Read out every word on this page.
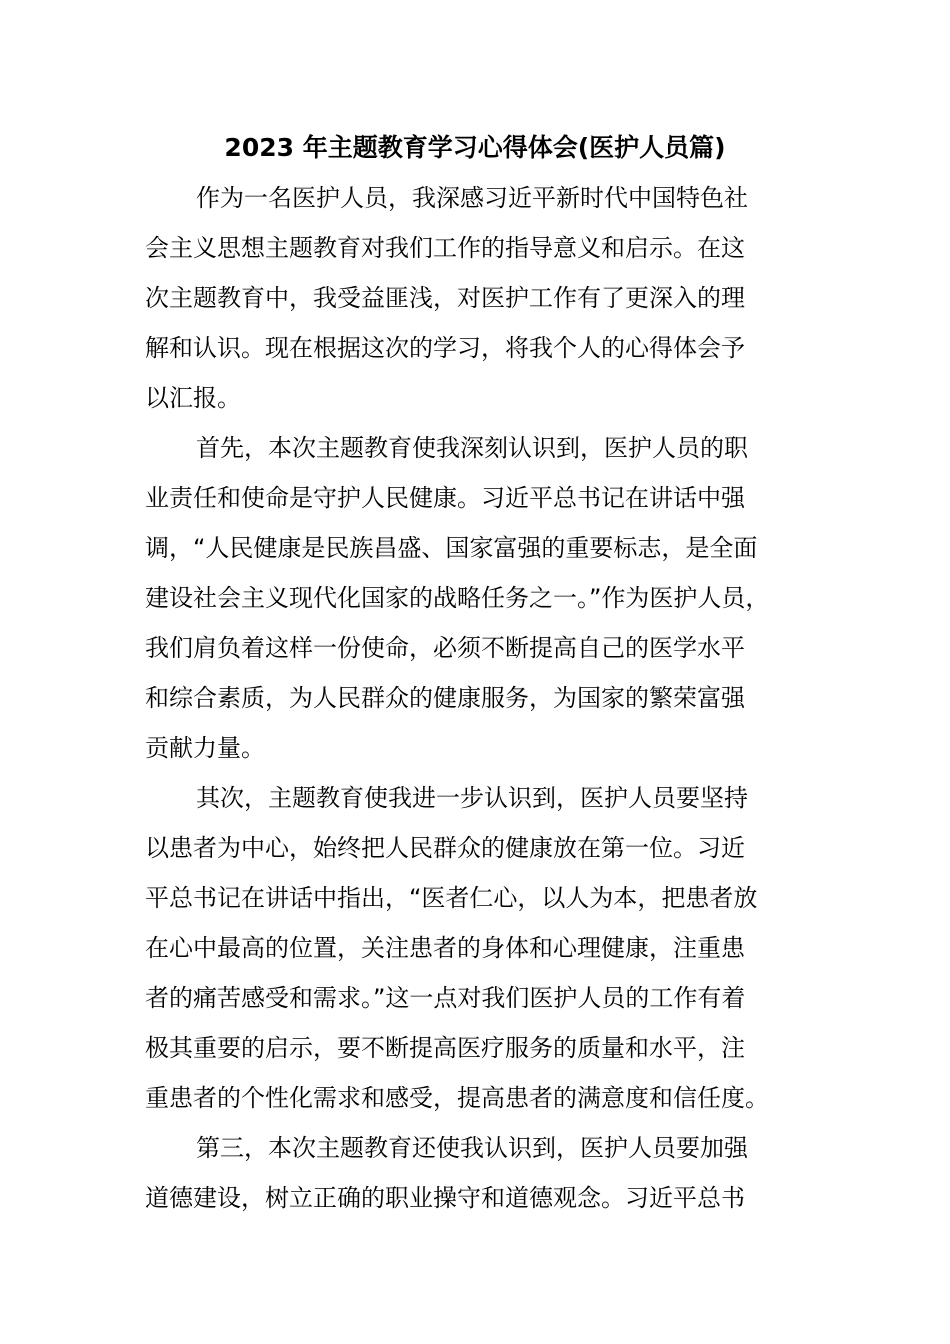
2023 年主题教育学习心得体会(医护人员篇)
作为一名医护人员，我深感习近平新时代中国特色社
会主义思想主题教育对我们工作的指导意义和启示。在这
次主题教育中，我受益匪浅，对医护工作有了更深入的理
解和认识。现在根据这次的学习，将我个人的心得体会予
以汇报。
首先，本次主题教育使我深刻认识到，医护人员的职
业责任和使命是守护人民健康。习近平总书记在讲话中强
调，“人民健康是民族昌盛、国家富强的重要标志，是全面
建设社会主义现代化国家的战略任务之一。”作为医护人员，
我们肩负着这样一份使命，必须不断提高自己的医学水平
和综合素质，为人民群众的健康服务，为国家的繁荣富强
贡献力量。
其次，主题教育使我进一步认识到，医护人员要坚持
以患者为中心，始终把人民群众的健康放在第一位。习近
平总书记在讲话中指出，“医者仁心，以人为本，把患者放
在心中最高的位置，关注患者的身体和心理健康，注重患
者的痛苦感受和需求。”这一点对我们医护人员的工作有着
极其重要的启示，要不断提高医疗服务的质量和水平，注
重患者的个性化需求和感受，提高患者的满意度和信任度。
第三，本次主题教育还使我认识到，医护人员要加强
道德建设，树立正确的职业操守和道德观念。习近平总书
